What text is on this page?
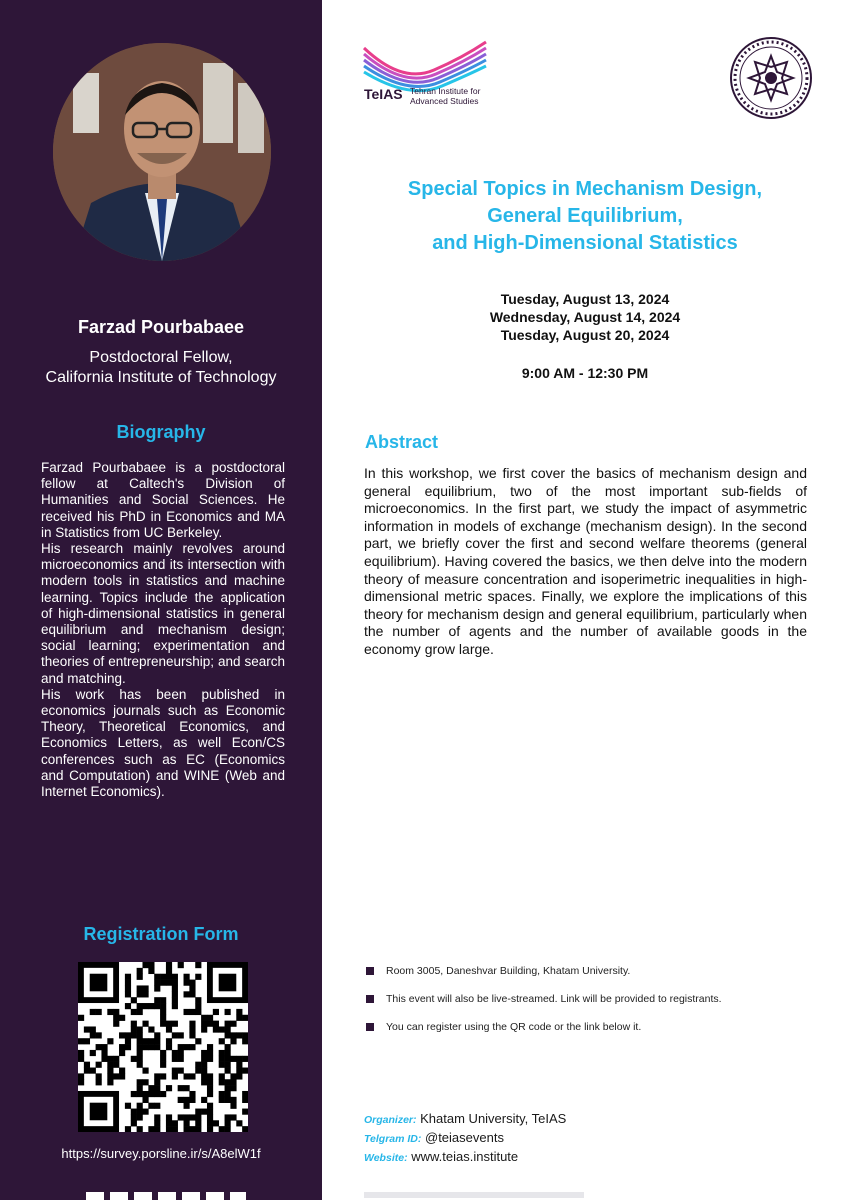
Farzad Pourbabaee
Postdoctoral Fellow,
California Institute of Technology
Biography

Farzad Pourbabaee is a postdoctoral fellow at Caltech's Division of Humanities and Social Sciences. He received his PhD in Economics and MA in Statistics from UC Berkeley.

His research mainly revolves around microeconomics and its intersection with modern tools in statistics and machine learning. Topics include the application of high-dimensional statistics in general equilibrium and mechanism design; social learning; experimentation and theories of entrepreneurship; and search and matching.

His work has been published in economics journals such as Economic Theory, Theoretical Economics, and Economics Letters, as well Econ/CS conferences such as EC (Economics and Computation) and WINE (Web and Internet Economics).

Registration Form
https://survey.porsline.ir/s/A8elW1f
TeIAS Tehran Institute for
Advanced Studies
Special Topics in Mechanism Design,
General Equilibrium,
and High-Dimensional Statistics
Tuesday, August 13, 2024
Wednesday, August 14, 2024
Tuesday, August 20, 2024
9:00 AM - 12:30 PM
Abstract

In this workshop, we first cover the basics of mechanism design and general equilibrium, two of the most important sub-fields of microeconomics. In the first part, we study the impact of asymmetric information in models of exchange (mechanism design). In the second part, we briefly cover the first and second welfare theorems (general equilibrium). Having covered the basics, we then delve into the modern theory of measure concentration and isoperimetric inequalities in high-dimensional metric spaces. Finally, we explore the implications of this theory for mechanism design and general equilibrium, particularly when the number of agents and the number of available goods in the economy grow large.

Room 3005, Daneshvar Building, Khatam University.
This event will also be live-streamed. Link will be provided to registrants.
You can register using the QR code or the link below it.
Organizer: Khatam University, TeIAS
Telgram ID: @teiasevents
Website: www.teias.institute
